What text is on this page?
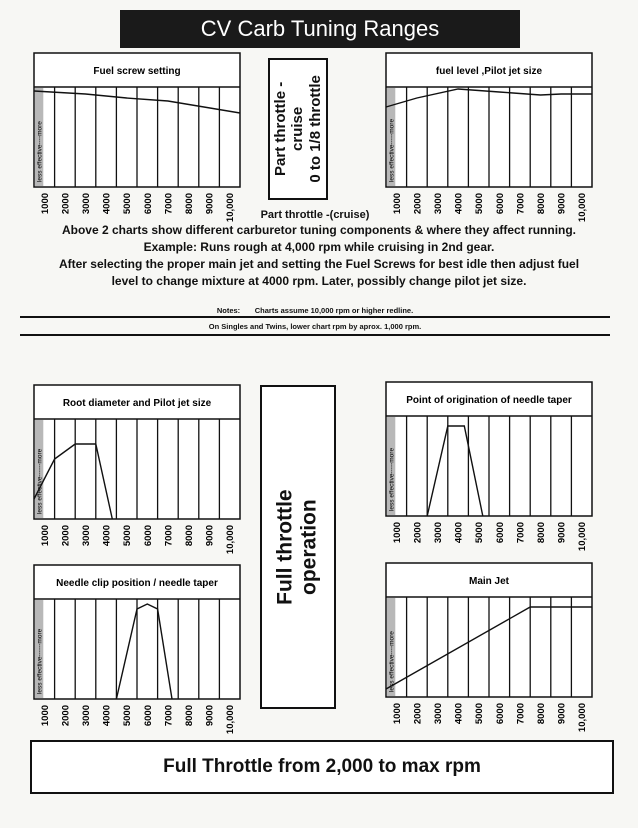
CV Carb Tuning Ranges
Fuel screw setting
less effective----more
1000 2000 3000 4000 5000 6000 7000 8000 9000 10,000
Part throttle - cruise 0 to 1/8 throttle
fuel level ,Pilot jet size
less effective-----more
1000 2000 3000 4000 5000 6000 7000 8000 9000 10,000
Part throttle -(cruise)
Above 2 charts show different carburetor tuning components & where they affect running.
Example: Runs rough at 4,000 rpm while cruising in 2nd gear.
After selecting the proper main jet and setting the Fuel Screws for best idle then adjust fuel
level to change mixture at 4000 rpm. Later, possibly change pilot jet size.
Notes: Charts assume 10,000 rpm or higher redline.
On Singles and Twins, lower chart rpm by aprox. 1,000 rpm.
Root diameter and Pilot jet size
less effective------more
1000 2000 3000 4000 5000 6000 7000 8000 9000 10,000 Full throttle operation
Point of origination of needle taper
less effective-----more
1000 2000 3000 4000 5000 6000 7000 8000 9000 10,000
Needle clip position / needle taper
less effective------more
1000 2000 3000 4000 5000 6000 7000 8000 9000 10,000
Main Jet
less effective----more
1000 2000 3000 4000 5000 6000 7000 8000 9000 10,000
Full Throttle from 2,000 to max rpm
